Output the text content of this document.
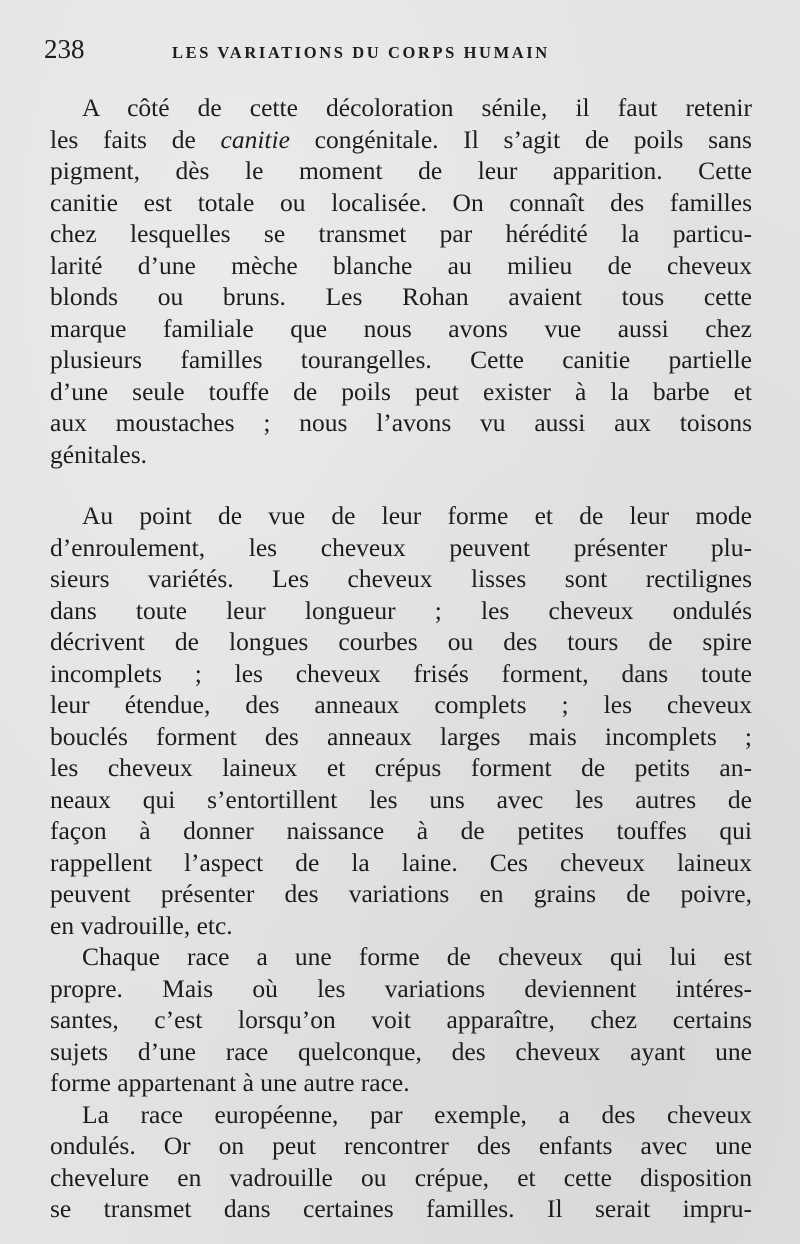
238	LES VARIATIONS DU CORPS HUMAIN
A côté de cette décoloration sénile, il faut retenir
les faits de canitie congénitale. Il s’agit de poils sans
pigment, dès le moment de leur apparition. Cette
canitie est totale ou localisée. On connaît des familles
chez lesquelles se transmet par hérédité la particu-
larité d’une mèche blanche au milieu de cheveux
blonds ou bruns. Les Rohan avaient tous cette
marque familiale que nous avons vue aussi chez
plusieurs familles tourangelles. Cette canitie partielle
d’une seule touffe de poils peut exister à la barbe et
aux moustaches ; nous l’avons vu aussi aux toisons
génitales.
Au point de vue de leur forme et de leur mode
d’enroulement, les cheveux peuvent présenter plu-
sieurs variétés. Les cheveux lisses sont rectilignes
dans toute leur longueur ; les cheveux ondulés
décrivent de longues courbes ou des tours de spire
incomplets ; les cheveux frisés forment, dans toute
leur étendue, des anneaux complets ; les cheveux
bouclés forment des anneaux larges mais incomplets ;
les cheveux laineux et crépus forment de petits an-
neaux qui s’entortillent les uns avec les autres de
façon à donner naissance à de petites touffes qui
rappellent l’aspect de la laine. Ces cheveux laineux
peuvent présenter des variations en grains de poivre,
en vadrouille, etc.
Chaque race a une forme de cheveux qui lui est
propre. Mais où les variations deviennent intéres-
santes, c’est lorsqu’on voit apparaître, chez certains
sujets d’une race quelconque, des cheveux ayant une
forme appartenant à une autre race.
La race européenne, par exemple, a des cheveux
ondulés. Or on peut rencontrer des enfants avec une
chevelure en vadrouille ou crépue, et cette disposition
se transmet dans certaines familles. Il serait impru-
